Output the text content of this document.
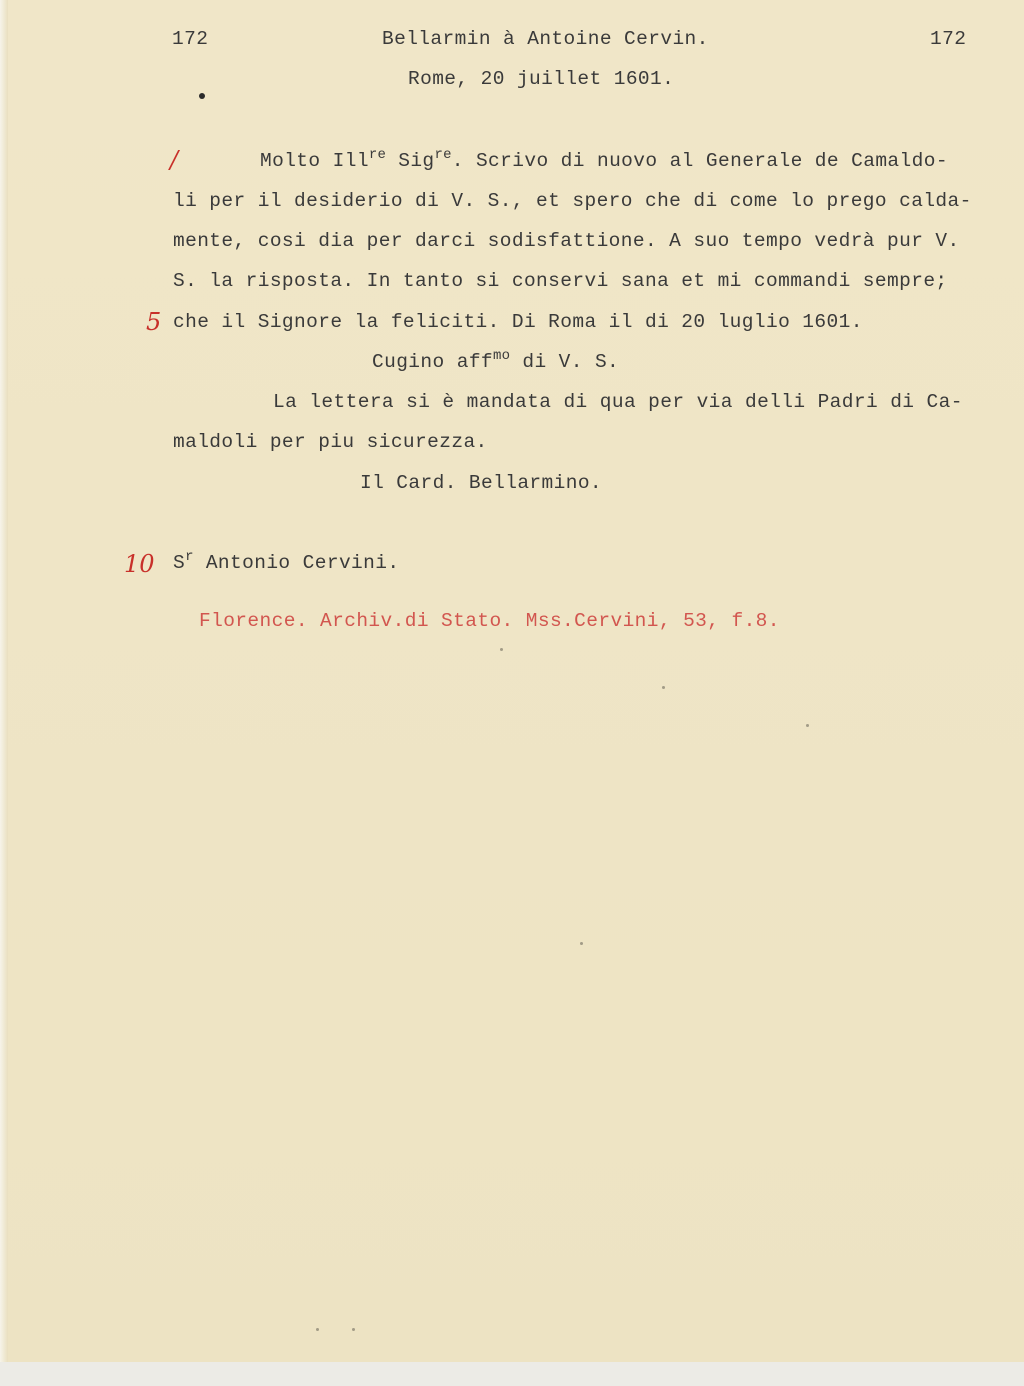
172	Bellarmin à Antoine Cervin.	172
Rome, 20 juillet 1601.
/
5
10
Molto Ill$^{re}$ Sig$^{re}$. Scrivo di nuovo al Generale de Camaldo-
li per il desiderio di V. S., et spero che di come lo prego calda-
mente, cosi dia per darci sodisfattione. A suo tempo vedrà pur V.
S. la risposta. In tanto si conservi sana et mi commandi sempre;
che il Signore la feliciti. Di Roma il di 20 luglio 1601.
Cugino aff$^{mo}$ di V. S.
La lettera si è mandata di qua per via delli Padri di Ca-
maldoli per piu sicurezza.
Il Card. Bellarmino.
$S^r$ Antonio Cervini.
Florence. Archiv.di Stato. Mss.Cervini, 53, f.8.
